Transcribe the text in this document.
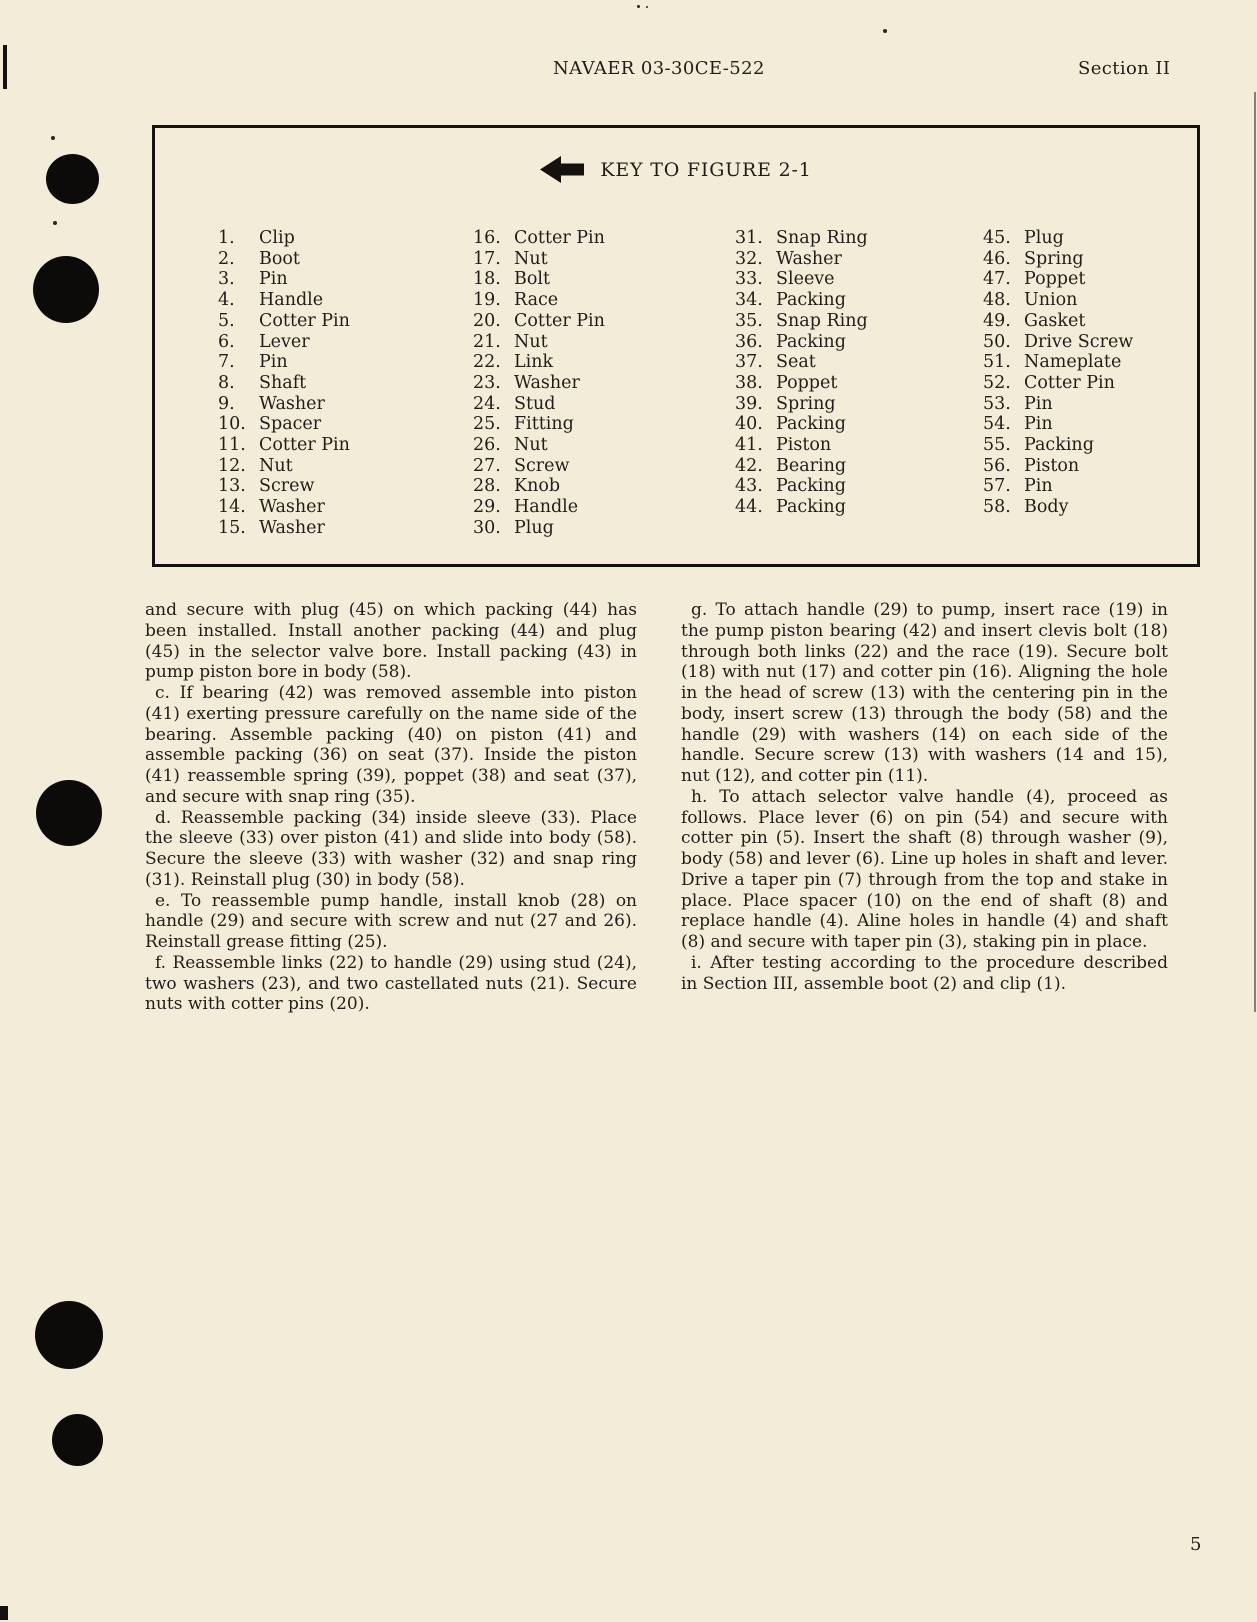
NAVAER 03-30CE-522	Section II
KEY TO FIGURE 2-1
1.	Clip
2.	Boot
3.	Pin
4.	Handle
5.	Cotter Pin
6.	Lever
7.	Pin
8.	Shaft
9.	Washer
10. Spacer
11. Cotter Pin
12. Nut
13. Screw
14. Washer
15. Washer
16. Cotter Pin
17. Nut
18. Bolt
19. Race
20. Cotter Pin
21. Nut
22. Link
23. Washer
24. Stud
25. Fitting
26. Nut
27. Screw
28. Knob
29. Handle
30. Plug
31. Snap Ring
32. Washer
33. Sleeve
34. Packing
35. Snap Ring
36. Packing
37. Seat
38. Poppet
39. Spring
40. Packing
41. Piston
42. Bearing
43. Packing
44. Packing
45. Plug
46. Spring
47. Poppet
48. Union
49. Gasket
50. Drive Screw
51. Nameplate
52. Cotter Pin
53. Pin
54. Pin
55. Packing
56. Piston
57. Pin
58. Body

and secure with plug (45) on which packing (44) has been installed. Install another packing (44) and plug (45) in the selector valve bore. Install packing (43) in pump piston bore in body (58).

c. If bearing (42) was removed assemble into piston (41) exerting pressure carefully on the name side of the bearing. Assemble packing (40) on piston (41) and assemble packing (36) on seat (37). Inside the piston (41) reassemble spring (39), poppet (38) and seat (37), and secure with snap ring (35).

d. Reassemble packing (34) inside sleeve (33). Place the sleeve (33) over piston (41) and slide into body (58). Secure the sleeve (33) with washer (32) and snap ring (31). Reinstall plug (30) in body (58).

e. To reassemble pump handle, install knob (28) on handle (29) and secure with screw and nut (27 and 26). Reinstall grease fitting (25).

f. Reassemble links (22) to handle (29) using stud (24), two washers (23), and two castellated nuts (21). Secure nuts with cotter pins (20).

g. To attach handle (29) to pump, insert race (19) in the pump piston bearing (42) and insert clevis bolt (18) through both links (22) and the race (19). Secure bolt (18) with nut (17) and cotter pin (16). Aligning the hole in the head of screw (13) with the centering pin in the body, insert screw (13) through the body (58) and the handle (29) with washers (14) on each side of the handle. Secure screw (13) with washers (14 and 15), nut (12), and cotter pin (11).

h. To attach selector valve handle (4), proceed as follows. Place lever (6) on pin (54) and secure with cotter pin (5). Insert the shaft (8) through washer (9), body (58) and lever (6). Line up holes in shaft and lever. Drive a taper pin (7) through from the top and stake in place. Place spacer (10) on the end of shaft (8) and replace handle (4). Aline holes in handle (4) and shaft (8) and secure with taper pin (3), staking pin in place.

i. After testing according to the procedure described in Section III, assemble boot (2) and clip (1).

5
